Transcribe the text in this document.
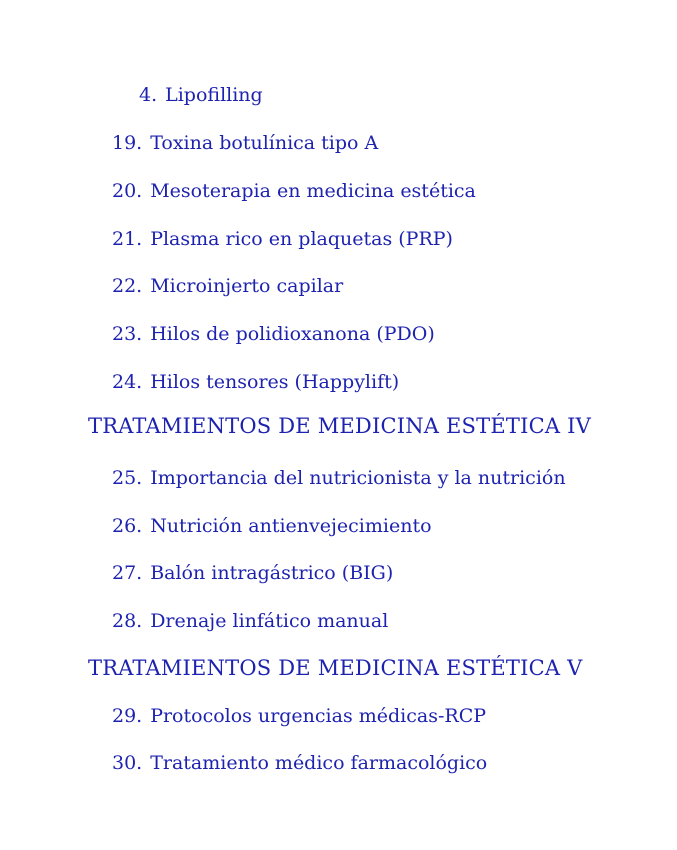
4. Lipofilling
19. Toxina botulínica tipo A
20. Mesoterapia en medicina estética
21. Plasma rico en plaquetas (PRP)
22. Microinjerto capilar
23. Hilos de polidioxanona (PDO)
24. Hilos tensores (Happylift)
TRATAMIENTOS DE MEDICINA ESTÉTICA IV
25. Importancia del nutricionista y la nutrición
26. Nutrición antienvejecimiento
27. Balón intragástrico (BIG)
28. Drenaje linfático manual
TRATAMIENTOS DE MEDICINA ESTÉTICA V
29. Protocolos urgencias médicas-RCP
30. Tratamiento médico farmacológico
